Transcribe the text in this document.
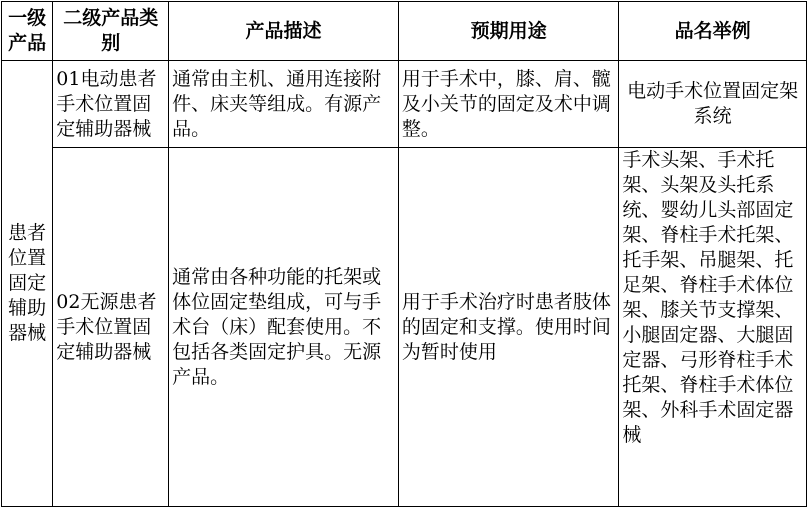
一级产品	二级产品类别	产品描述	预期用途	品名举例
患者位置固定辅助器械	01电动患者手术位置固定辅助器械	通常由主机、通用连接附件、床夹等组成。有源产品。	用于手术中，膝、肩、髋及小关节的固定及术中调整。	电动手术位置固定架系统
	02无源患者手术位置固定辅助器械	通常由各种功能的托架或体位固定垫组成，可与手术台（床）配套使用。不包括各类固定护具。无源产品。	用于手术治疗时患者肢体的固定和支撑。使用时间为暂时使用	手术头架、手术托架、头架及头托系统、婴幼儿头部固定架、脊柱手术托架、托手架、吊腿架、托足架、脊柱手术体位架、膝关节支撑架、小腿固定器、大腿固定器、弓形脊柱手术托架、脊柱手术体位架、外科手术固定器械
